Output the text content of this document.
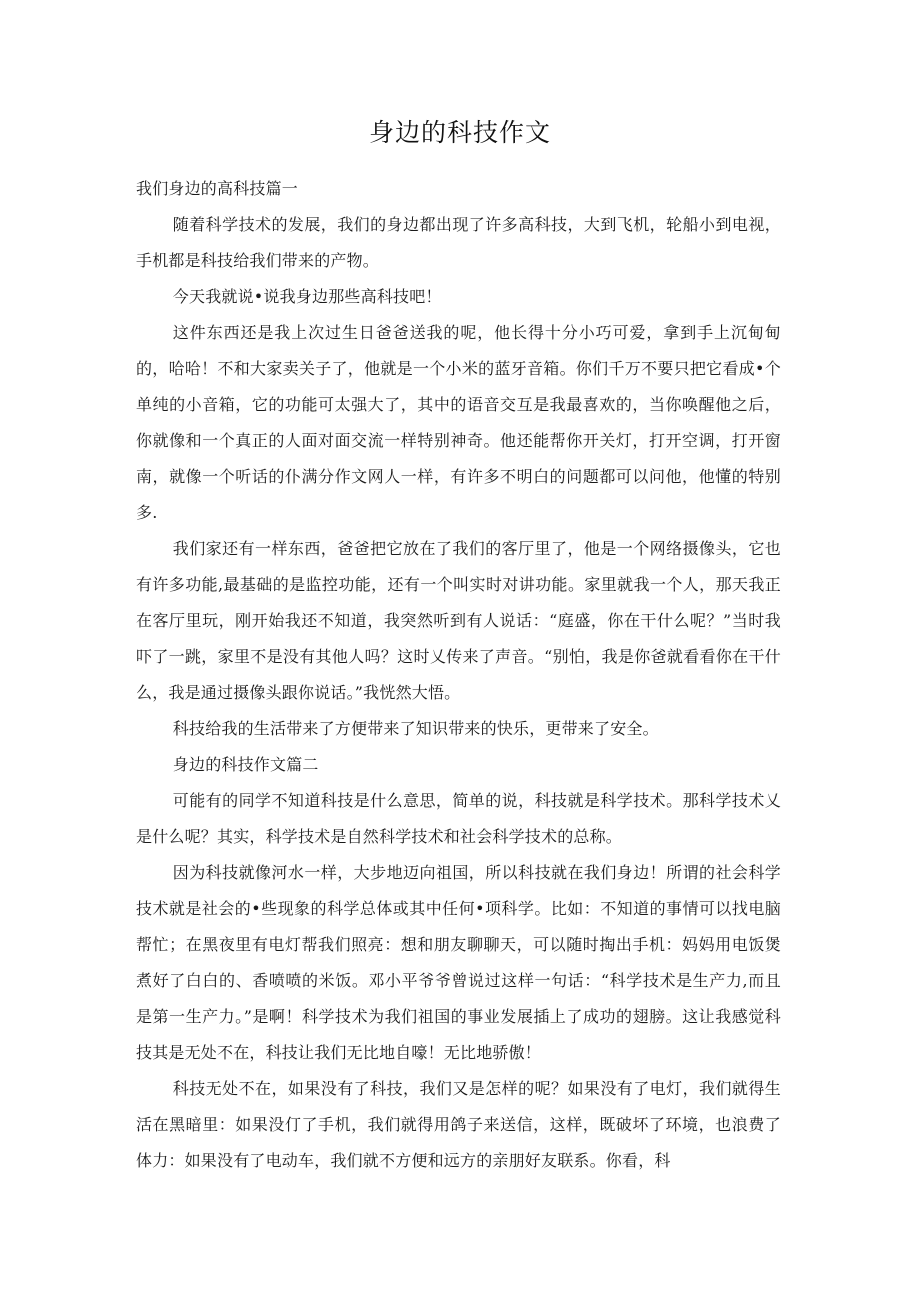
身边的科技作文

我们身边的高科技篇一

随着科学技术的发展，我们的身边都出现了许多高科技，大到飞机，轮船小到电视，手机都是科技给我们带来的产物。

今天我就说•说我身边那些高科技吧！

这件东西还是我上次过生日爸爸送我的呢，他长得十分小巧可爱，拿到手上沉甸甸的，哈哈！不和大家卖关子了，他就是一个小米的蓝牙音箱。你们千万不要只把它看成•个单纯的小音箱，它的功能可太强大了，其中的语音交互是我最喜欢的，当你唤醒他之后，你就像和一个真正的人面对面交流一样特别神奇。他还能帮你开关灯，打开空调，打开窗南，就像一个听话的仆满分作文网人一样，有许多不明白的问题都可以问他，他懂的特别多.

我们家还有一样东西，爸爸把它放在了我们的客厅里了，他是一个网络摄像头，它也有许多功能,最基础的是监控功能，还有一个叫实时对讲功能。家里就我一个人，那天我正在客厅里玩，刚开始我还不知道，我突然听到有人说话：“庭盛，你在干什么呢？”当时我吓了一跳，家里不是没有其他人吗？这时乂传来了声音。“别怕，我是你爸就看看你在干什么，我是通过摄像头跟你说话。”我恍然大悟。

科技给我的生活带来了方便带来了知识带来的快乐，更带来了安全。

身边的科技作文篇二

可能有的同学不知道科技是什么意思，简单的说，科技就是科学技术。那科学技术乂是什么呢？其实，科学技术是自然科学技术和社会科学技术的总称。

因为科技就像河水一样，大步地迈向祖国，所以科技就在我们身边！所谓的社会科学技术就是社会的•些现象的科学总体或其中任何•项科学。比如：不知道的事情可以找电脑帮忙；在黑夜里有电灯帮我们照亮：想和朋友聊聊天，可以随时掏出手机：妈妈用电饭煲煮好了白白的、香喷喷的米饭。邓小平爷爷曾说过这样一句话：“科学技术是生产力,而且是第一生产力。”是啊！科学技术为我们祖国的事业发展插上了成功的翅膀。这让我感觉科技其是无处不在，科技让我们无比地自嚎！无比地骄傲！

科技无处不在，如果没有了科技，我们又是怎样的呢？如果没有了电灯，我们就得生活在黑暗里：如果没仃了手机，我们就得用鸽子来送信，这样，既破坏了环境，也浪费了体力：如果没有了电动车，我们就不方便和远方的亲朋好友联系。你看，科
